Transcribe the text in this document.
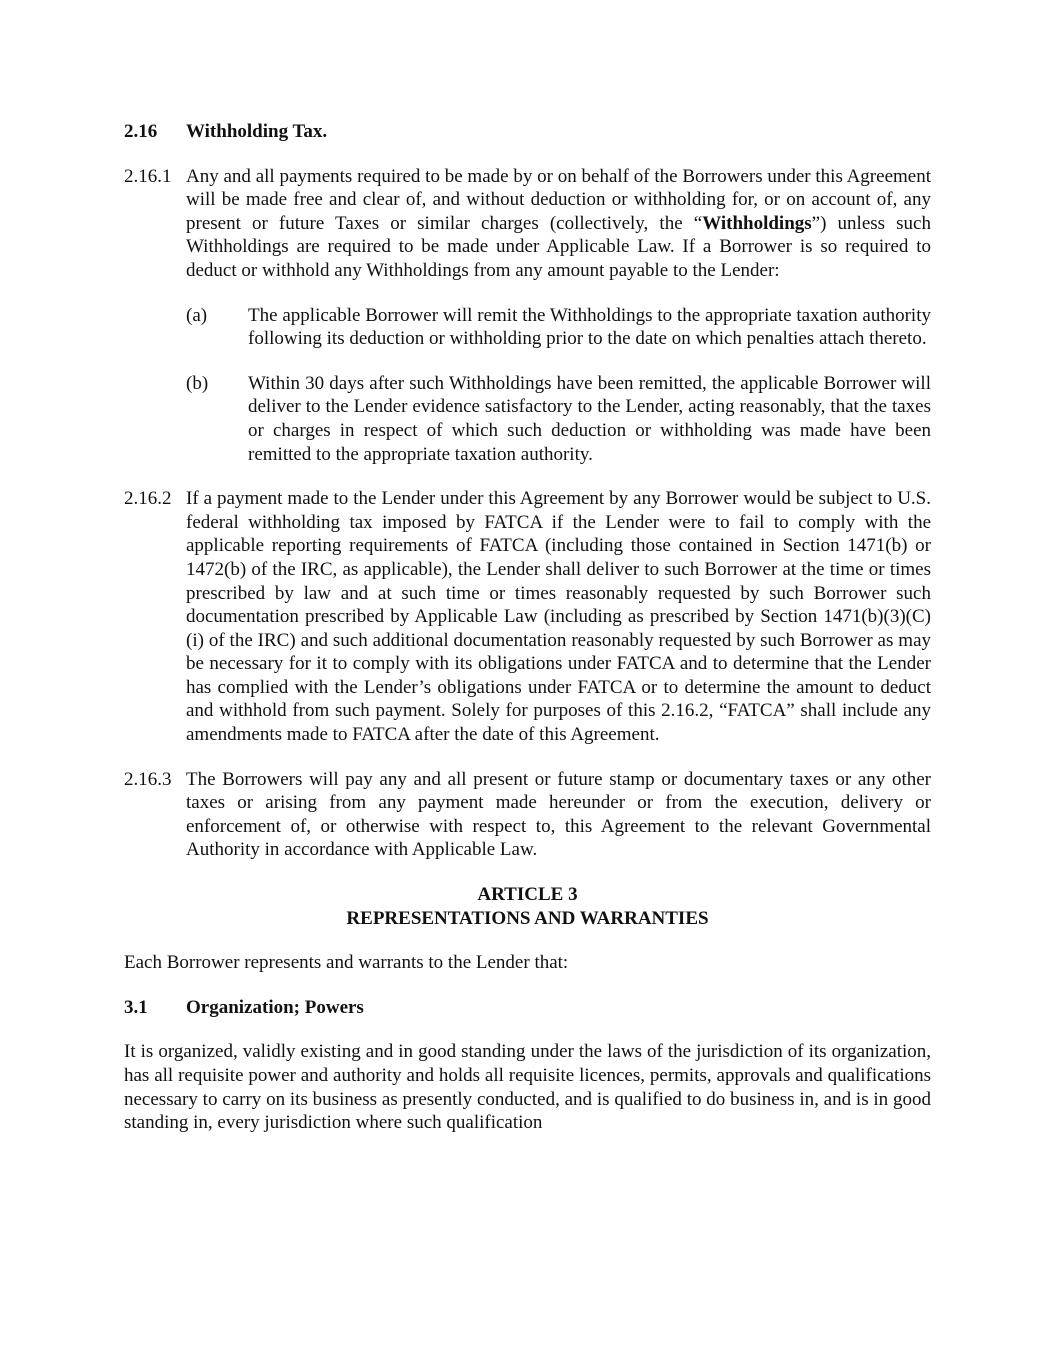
2.16	Withholding Tax.
2.16.1 Any and all payments required to be made by or on behalf of the Borrowers under this Agreement will be made free and clear of, and without deduction or withholding for, or on account of, any present or future Taxes or similar charges (collectively, the “Withholdings”) unless such Withholdings are required to be made under Applicable Law. If a Borrower is so required to deduct or withhold any Withholdings from any amount payable to the Lender:
(a)	The applicable Borrower will remit the Withholdings to the appropriate taxation authority following its deduction or withholding prior to the date on which penalties attach thereto.
(b)	Within 30 days after such Withholdings have been remitted, the applicable Borrower will deliver to the Lender evidence satisfactory to the Lender, acting reasonably, that the taxes or charges in respect of which such deduction or withholding was made have been remitted to the appropriate taxation authority.
2.16.2 If a payment made to the Lender under this Agreement by any Borrower would be subject to U.S. federal withholding tax imposed by FATCA if the Lender were to fail to comply with the applicable reporting requirements of FATCA (including those contained in Section 1471(b) or 1472(b) of the IRC, as applicable), the Lender shall deliver to such Borrower at the time or times prescribed by law and at such time or times reasonably requested by such Borrower such documentation prescribed by Applicable Law (including as prescribed by Section 1471(b)(3)(C)(i) of the IRC) and such additional documentation reasonably requested by such Borrower as may be necessary for it to comply with its obligations under FATCA and to determine that the Lender has complied with the Lender’s obligations under FATCA or to determine the amount to deduct and withhold from such payment. Solely for purposes of this 2.16.2, “FATCA” shall include any amendments made to FATCA after the date of this Agreement.
2.16.3 The Borrowers will pay any and all present or future stamp or documentary taxes or any other taxes or arising from any payment made hereunder or from the execution, delivery or enforcement of, or otherwise with respect to, this Agreement to the relevant Governmental Authority in accordance with Applicable Law.
ARTICLE 3
REPRESENTATIONS AND WARRANTIES
Each Borrower represents and warrants to the Lender that:
3.1	Organization; Powers
It is organized, validly existing and in good standing under the laws of the jurisdiction of its organization, has all requisite power and authority and holds all requisite licences, permits, approvals and qualifications necessary to carry on its business as presently conducted, and is qualified to do business in, and is in good standing in, every jurisdiction where such qualification
